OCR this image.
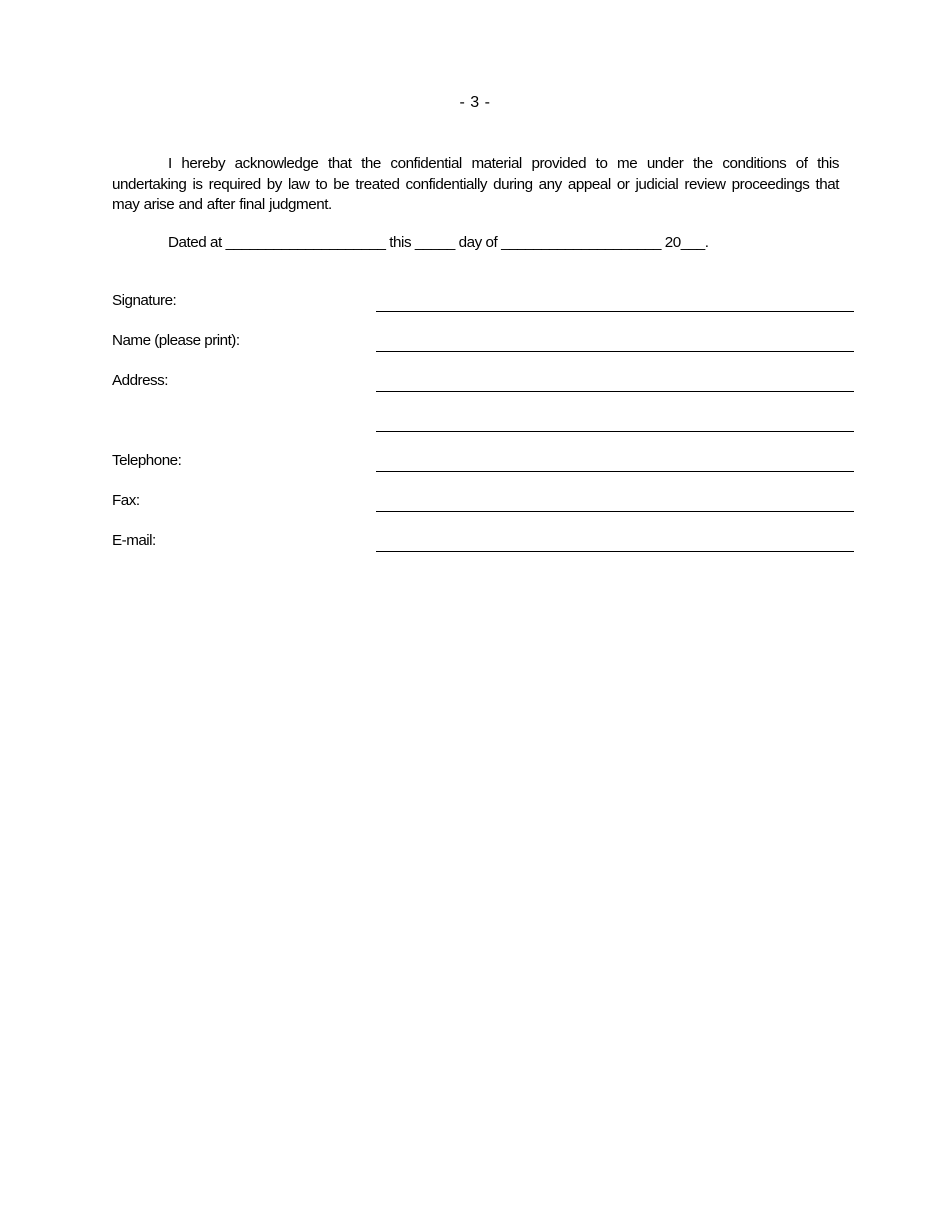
- 3 -

I hereby acknowledge that the confidential material provided to me under the conditions of this undertaking is required by law to be treated confidentially during any appeal or judicial review proceedings that may arise and after final judgment.

Dated at ____________________ this _____ day of ____________________ 20___.
Signature:
Name (please print):
Address:
Telephone:
Fax:
E-mail:
